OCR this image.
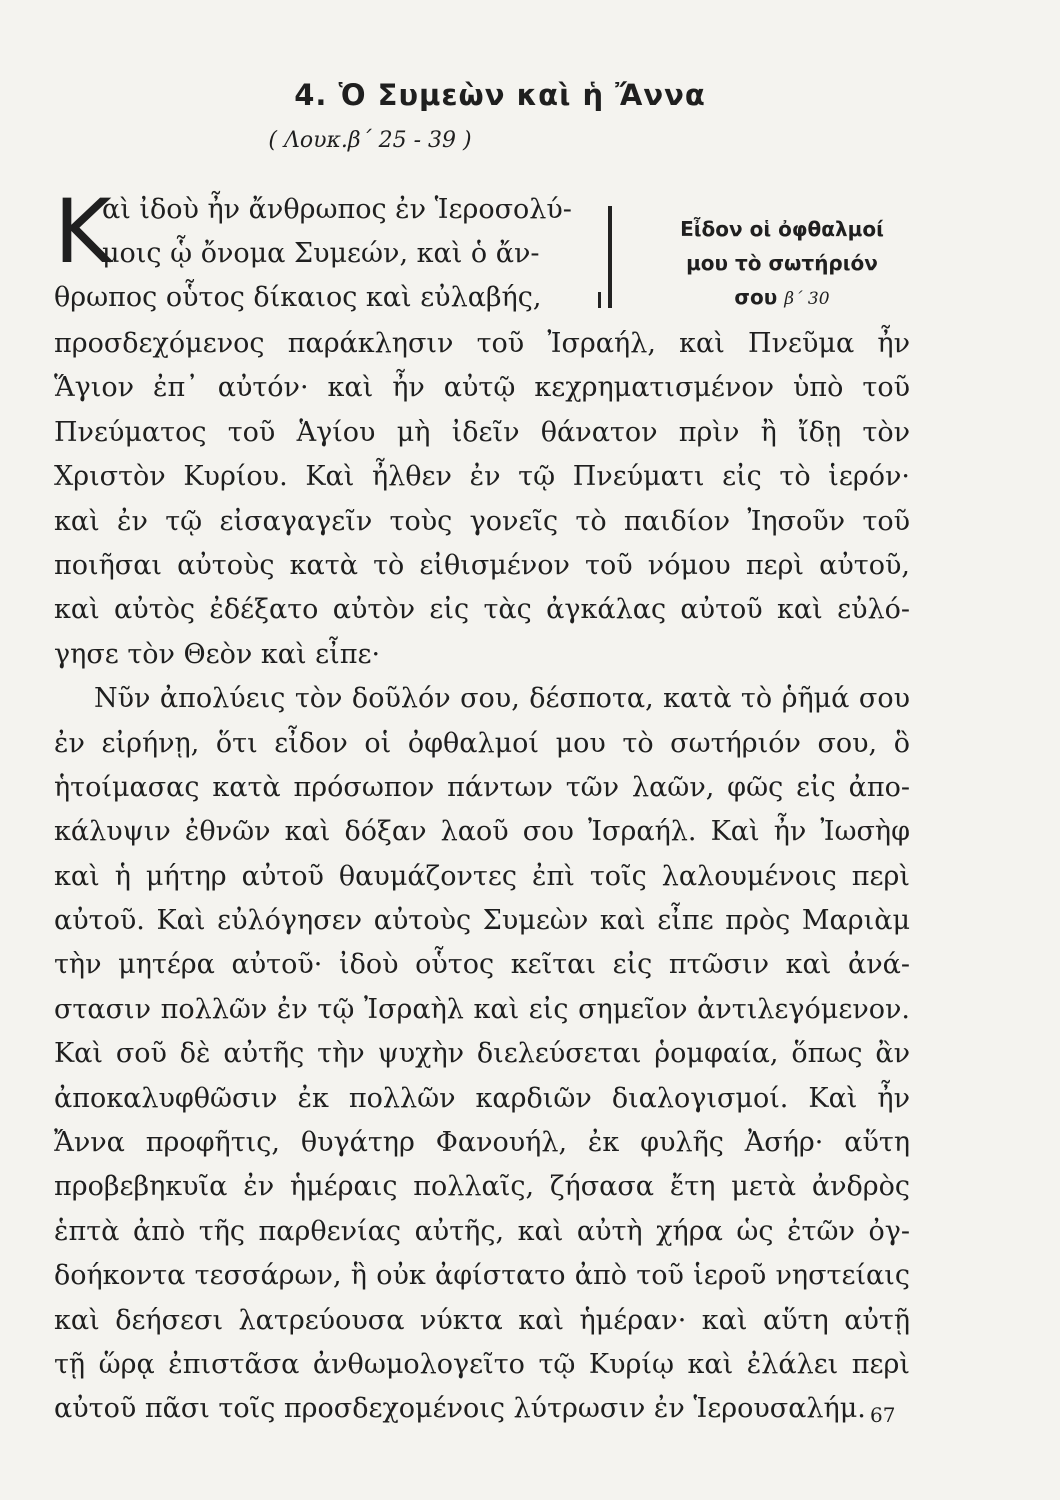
4. Ὁ Συμεὼν καὶ ἡ Ἄννα
( Λουκ.β΄ 25 - 39 )
Κ
αὶ ἰδοὺ ἦν ἄνθρωπος ἐν Ἱεροσολύ-
μοις ᾧ ὄνομα Συμεών, καὶ ὁ ἄν-
θρωπος οὗτος δίκαιος καὶ εὐλαβής,
Εἶδον οἱ ὀφθαλμοί
μου τὸ σωτήριόν
σου β΄ 30
προσδεχόμενος παράκλησιν τοῦ Ἰσραήλ, καὶ Πνεῦμα ἦν
Ἅγιον ἐπ᾿ αὐτόν· καὶ ἦν αὐτῷ κεχρηματισμένον ὑπὸ τοῦ
Πνεύματος τοῦ Ἁγίου μὴ ἰδεῖν θάνατον πρὶν ἢ ἴδῃ τὸν
Χριστὸν Κυρίου. Καὶ ἦλθεν ἐν τῷ Πνεύματι εἰς τὸ ἱερόν·
καὶ ἐν τῷ εἰσαγαγεῖν τοὺς γονεῖς τὸ παιδίον Ἰησοῦν τοῦ
ποιῆσαι αὐτοὺς κατὰ τὸ εἰθισμένον τοῦ νόμου περὶ αὐτοῦ,
καὶ αὐτὸς ἐδέξατο αὐτὸν εἰς τὰς ἀγκάλας αὐτοῦ καὶ εὐλό-
γησε τὸν Θεὸν καὶ εἶπε·
Νῦν ἀπολύεις τὸν δοῦλόν σου, δέσποτα, κατὰ τὸ ῥῆμά σου
ἐν εἰρήνῃ, ὅτι εἶδον οἱ ὀφθαλμοί μου τὸ σωτήριόν σου, ὃ
ἡτοίμασας κατὰ πρόσωπον πάντων τῶν λαῶν, φῶς εἰς ἀπο-
κάλυψιν ἐθνῶν καὶ δόξαν λαοῦ σου Ἰσραήλ. Καὶ ἦν Ἰωσὴφ
καὶ ἡ μήτηρ αὐτοῦ θαυμάζοντες ἐπὶ τοῖς λαλουμένοις περὶ
αὐτοῦ. Καὶ εὐλόγησεν αὐτοὺς Συμεὼν καὶ εἶπε πρὸς Μαριὰμ
τὴν μητέρα αὐτοῦ· ἰδοὺ οὗτος κεῖται εἰς πτῶσιν καὶ ἀνά-
στασιν πολλῶν ἐν τῷ Ἰσραὴλ καὶ εἰς σημεῖον ἀντιλεγόμενον.
Καὶ σοῦ δὲ αὐτῆς τὴν ψυχὴν διελεύσεται ῥομφαία, ὅπως ἂν
ἀποκαλυφθῶσιν ἐκ πολλῶν καρδιῶν διαλογισμοί. Καὶ ἦν
Ἄννα προφῆτις, θυγάτηρ Φανουήλ, ἐκ φυλῆς Ἀσήρ· αὕτη
προβεβηκυῖα ἐν ἡμέραις πολλαῖς, ζήσασα ἔτη μετὰ ἀνδρὸς
ἑπτὰ ἀπὸ τῆς παρθενίας αὐτῆς, καὶ αὐτὴ χήρα ὡς ἐτῶν ὀγ-
δοήκοντα τεσσάρων, ἣ οὐκ ἀφίστατο ἀπὸ τοῦ ἱεροῦ νηστείαις
καὶ δεήσεσι λατρεύουσα νύκτα καὶ ἡμέραν· καὶ αὕτη αὐτῇ
τῇ ὥρᾳ ἐπιστᾶσα ἀνθωμολογεῖτο τῷ Κυρίῳ καὶ ἐλάλει περὶ
αὐτοῦ πᾶσι τοῖς προσδεχομένοις λύτρωσιν ἐν Ἱερουσαλήμ. 67
